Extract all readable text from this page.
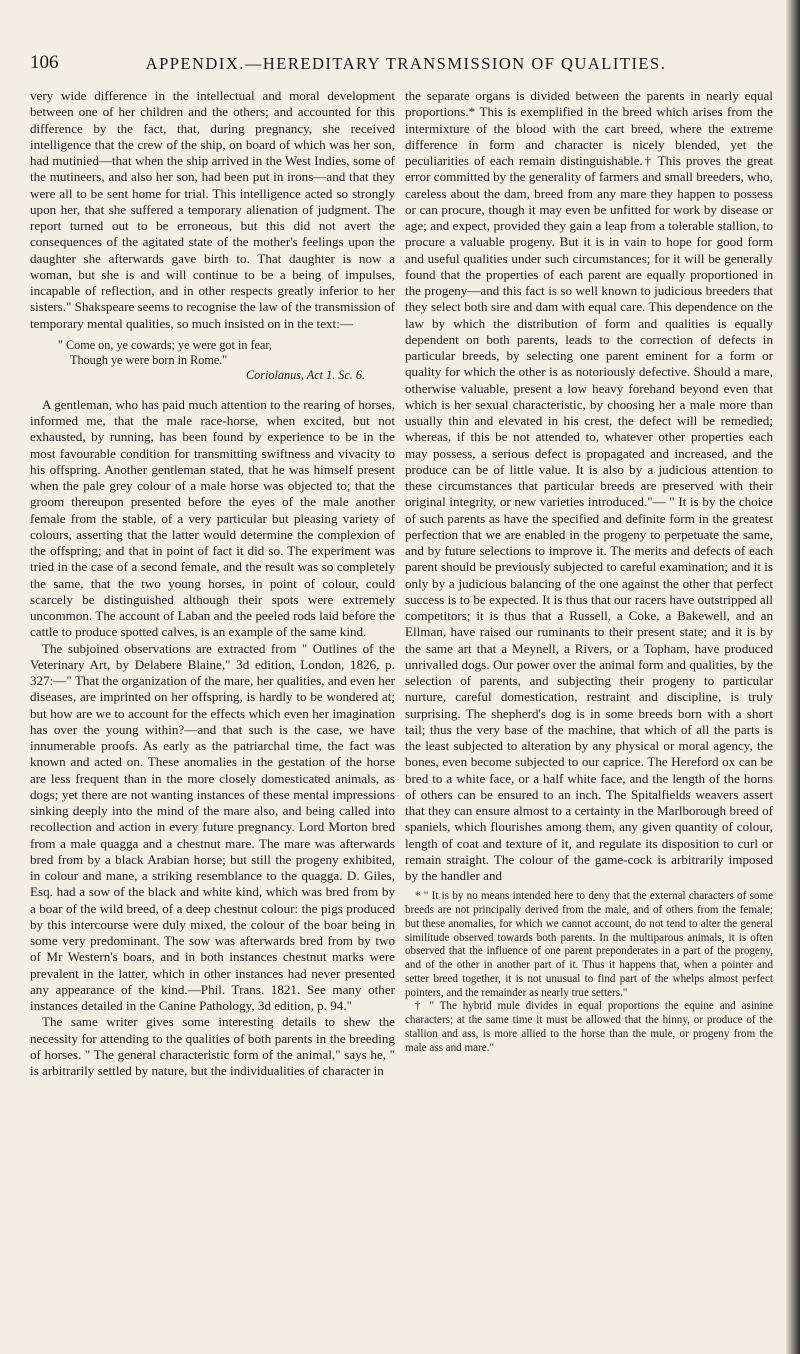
106	APPENDIX.—HEREDITARY TRANSMISSION OF QUALITIES.

very wide difference in the intellectual and moral development between one of her children and the others; and accounted for this difference by the fact, that, during pregnancy, she received intelligence that the crew of the ship, on board of which was her son, had mutinied—that when the ship arrived in the West Indies, some of the mutineers, and also her son, had been put in irons—and that they were all to be sent home for trial. This intelligence acted so strongly upon her, that she suffered a temporary alienation of judgment. The report turned out to be erroneous, but this did not avert the consequences of the agitated state of the mother's feelings upon the daughter she afterwards gave birth to. That daughter is now a woman, but she is and will continue to be a being of impulses, incapable of reflection, and in other respects greatly inferior to her sisters." Shakspeare seems to recognise the law of the transmission of temporary mental qualities, so much insisted on in the text:—

" Come on, ye cowards; ye were got in fear,
Though ye were born in Rome."
Coriolanus, Act 1. Sc. 6.

A gentleman, who has paid much attention to the rearing of horses, informed me, that the male race-horse, when excited, but not exhausted, by running, has been found by experience to be in the most favourable condition for transmitting swiftness and vivacity to his offspring. Another gentleman stated, that he was himself present when the pale grey colour of a male horse was objected to; that the groom thereupon presented before the eyes of the male another female from the stable, of a very particular but pleasing variety of colours, asserting that the latter would determine the complexion of the offspring; and that in point of fact it did so. The experiment was tried in the case of a second female, and the result was so completely the same, that the two young horses, in point of colour, could scarcely be distinguished although their spots were extremely uncommon. The account of Laban and the peeled rods laid before the cattle to produce spotted calves, is an example of the same kind.

The subjoined observations are extracted from " Outlines of the Veterinary Art, by Delabere Blaine," 3d edition, London, 1826, p. 327:—" That the organization of the mare, her qualities, and even her diseases, are imprinted on her offspring, is hardly to be wondered at; but how are we to account for the effects which even her imagination has over the young within?—and that such is the case, we have innumerable proofs. As early as the patriarchal time, the fact was known and acted on. These anomalies in the gestation of the horse are less frequent than in the more closely domesticated animals, as dogs; yet there are not wanting instances of these mental impressions sinking deeply into the mind of the mare also, and being called into recollection and action in every future pregnancy. Lord Morton bred from a male quagga and a chestnut mare. The mare was afterwards bred from by a black Arabian horse; but still the progeny exhibited, in colour and mane, a striking resemblance to the quagga. D. Giles, Esq. had a sow of the black and white kind, which was bred from by a boar of the wild breed, of a deep chestnut colour: the pigs produced by this intercourse were duly mixed, the colour of the boar being in some very predominant. The sow was afterwards bred from by two of Mr Western's boars, and in both instances chestnut marks were prevalent in the latter, which in other instances had never presented any appearance of the kind.—Phil. Trans. 1821. See many other instances detailed in the Canine Pathology, 3d edition, p. 94."

The same writer gives some interesting details to shew the necessity for attending to the qualities of both parents in the breeding of horses. " The general characteristic form of the animal," says he, " is arbitrarily settled by nature, but the individualities of character in

the separate organs is divided between the parents in nearly equal proportions.* This is exemplified in the breed which arises from the intermixture of the blood with the cart breed, where the extreme difference in form and character is nicely blended, yet the peculiarities of each remain distinguishable.† This proves the great error committed by the generality of farmers and small breeders, who, careless about the dam, breed from any mare they happen to possess or can procure, though it may even be unfitted for work by disease or age; and expect, provided they gain a leap from a tolerable stallion, to procure a valuable progeny. But it is in vain to hope for good form and useful qualities under such circumstances; for it will be generally found that the properties of each parent are equally proportioned in the progeny—and this fact is so well known to judicious breeders that they select both sire and dam with equal care. This dependence on the law by which the distribution of form and qualities is equally dependent on both parents, leads to the correction of defects in particular breeds, by selecting one parent eminent for a form or quality for which the other is as notoriously defective. Should a mare, otherwise valuable, present a low heavy forehand beyond even that which is her sexual characteristic, by choosing her a male more than usually thin and elevated in his crest, the defect will be remedied; whereas, if this be not attended to, whatever other properties each may possess, a serious defect is propagated and increased, and the produce can be of little value. It is also by a judicious attention to these circumstances that particular breeds are preserved with their original integrity, or new varieties introduced."— " It is by the choice of such parents as have the specified and definite form in the greatest perfection that we are enabled in the progeny to perpetuate the same, and by future selections to improve it. The merits and defects of each parent should be previously subjected to careful examination; and it is only by a judicious balancing of the one against the other that perfect success is to be expected. It is thus that our racers have outstripped all competitors; it is thus that a Russell, a Coke, a Bakewell, and an Ellman, have raised our ruminants to their present state; and it is by the same art that a Meynell, a Rivers, or a Topham, have produced unrivalled dogs. Our power over the animal form and qualities, by the selection of parents, and subjecting their progeny to particular nurture, careful domestication, restraint and discipline, is truly surprising. The shepherd's dog is in some breeds born with a short tail; thus the very base of the machine, that which of all the parts is the least subjected to alteration by any physical or moral agency, the bones, even become subjected to our caprice. The Hereford ox can be bred to a white face, or a half white face, and the length of the horns of others can be ensured to an inch. The Spitalfields weavers assert that they can ensure almost to a certainty in the Marlborough breed of spaniels, which flourishes among them, any given quantity of colour, length of coat and texture of it, and regulate its disposition to curl or remain straight. The colour of the game-cock is arbitrarily imposed by the handler and

* " It is by no means intended here to deny that the external characters of some breeds are not principally derived from the male, and of others from the female; but these anomalies, for which we cannot account, do not tend to alter the general similitude observed towards both parents. In the multiparous animals, it is often observed that the influence of one parent preponderates in a part of the progeny, and of the other in another part of it. Thus it happens that, when a pointer and setter breed together, it is not unusual to find part of the whelps almost perfect pointers, and the remainder as nearly true setters."

† " The hybrid mule divides in equal proportions the equine and asinine characters; at the same time it must be allowed that the hinny, or produce of the stallion and ass, is more allied to the horse than the mule, or progeny from the male ass and mare."
